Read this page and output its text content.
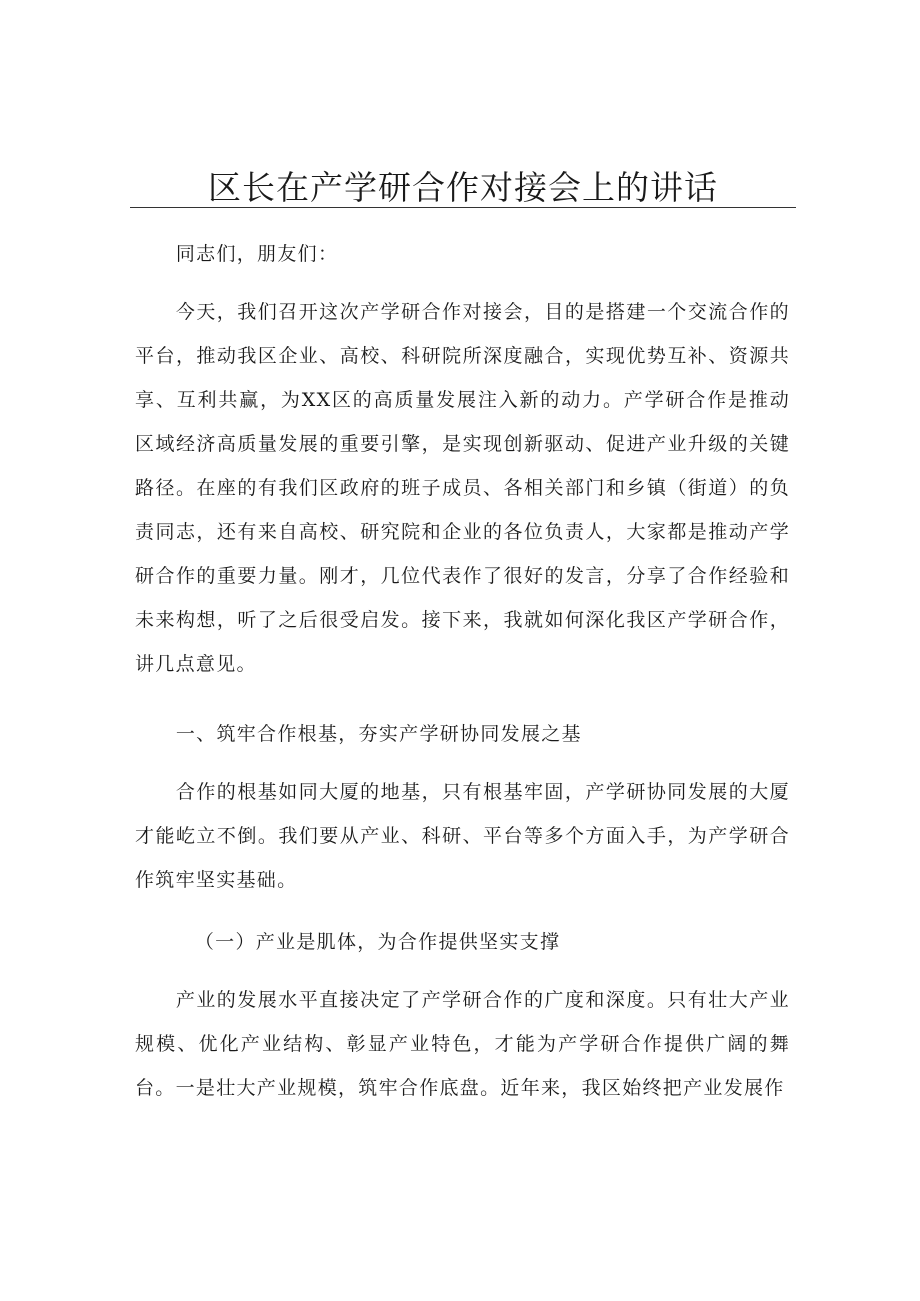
区长在产学研合作对接会上的讲话

同志们，朋友们：

今天，我们召开这次产学研合作对接会，目的是搭建一个交流合作的平台，推动我区企业、高校、科研院所深度融合，实现优势互补、资源共享、互利共赢，为XX区的高质量发展注入新的动力。产学研合作是推动区域经济高质量发展的重要引擎，是实现创新驱动、促进产业升级的关键路径。在座的有我们区政府的班子成员、各相关部门和乡镇（街道）的负责同志，还有来自高校、研究院和企业的各位负责人，大家都是推动产学研合作的重要力量。刚才，几位代表作了很好的发言，分享了合作经验和未来构想，听了之后很受启发。接下来，我就如何深化我区产学研合作，讲几点意见。

一、筑牢合作根基，夯实产学研协同发展之基

合作的根基如同大厦的地基，只有根基牢固，产学研协同发展的大厦才能屹立不倒。我们要从产业、科研、平台等多个方面入手，为产学研合作筑牢坚实基础。

（一）产业是肌体，为合作提供坚实支撑

产业的发展水平直接决定了产学研合作的广度和深度。只有壮大产业规模、优化产业结构、彰显产业特色，才能为产学研合作提供广阔的舞台。一是壮大产业规模，筑牢合作底盘。近年来，我区始终把产业发展作
